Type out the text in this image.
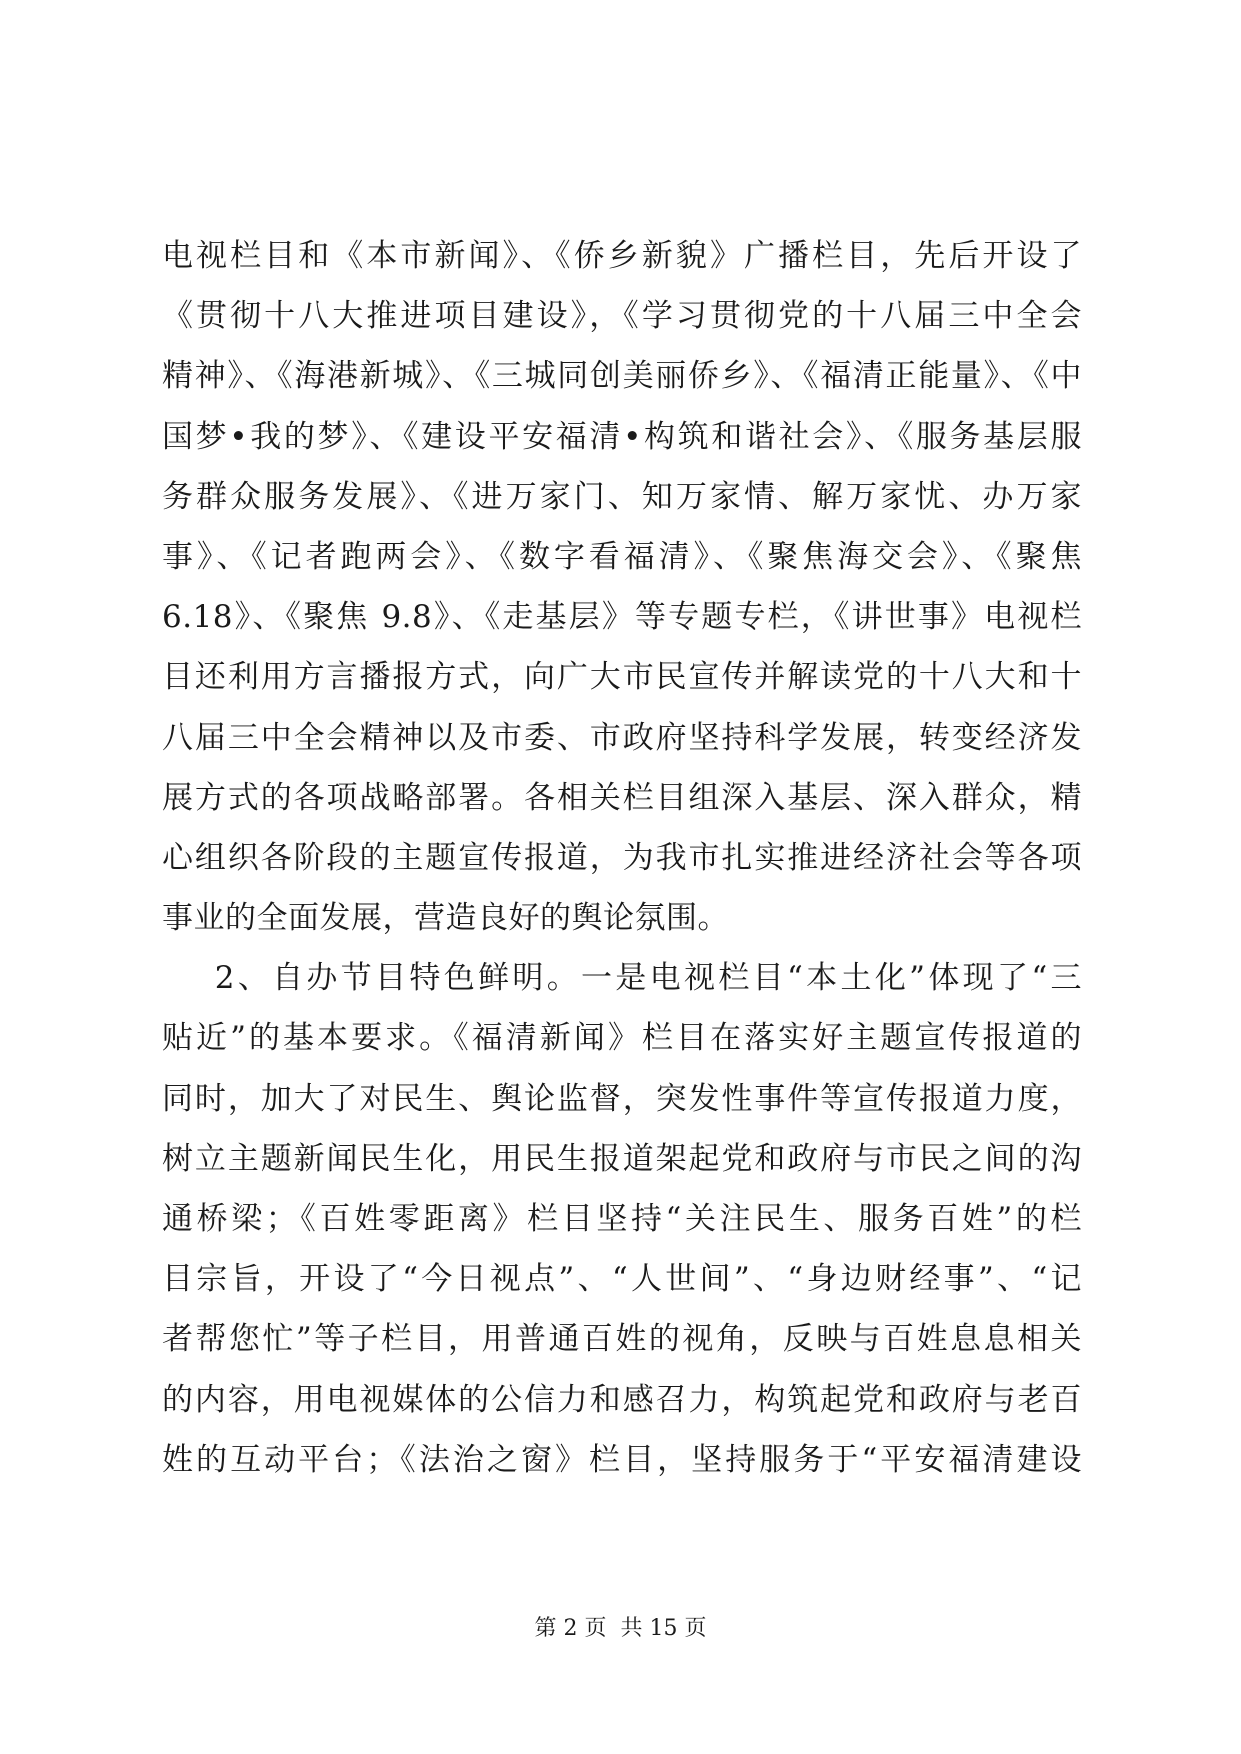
电视栏目和《本市新闻》、《侨乡新貌》广播栏目，先后开设了
《贯彻十八大推进项目建设》，《学习贯彻党的十八届三中全会
精神》、《海港新城》、《三城同创美丽侨乡》、《福清正能量》、《中
国梦•我的梦》、《建设平安福清•构筑和谐社会》、《服务基层服
务群众服务发展》、《进万家门、知万家情、解万家忧、办万家
事》、《记者跑两会》、《数字看福清》、《聚焦海交会》、《聚焦
6.18》、《聚焦 9.8》、《走基层》等专题专栏，《讲世事》电视栏
目还利用方言播报方式，向广大市民宣传并解读党的十八大和十
八届三中全会精神以及市委、市政府坚持科学发展，转变经济发
展方式的各项战略部署。各相关栏目组深入基层、深入群众，精
心组织各阶段的主题宣传报道，为我市扎实推进经济社会等各项
事业的全面发展，营造良好的舆论氛围。
2、自办节目特色鲜明。一是电视栏目“本土化”体现了“三
贴近”的基本要求。《福清新闻》栏目在落实好主题宣传报道的
同时，加大了对民生、舆论监督，突发性事件等宣传报道力度，
树立主题新闻民生化，用民生报道架起党和政府与市民之间的沟
通桥梁；《百姓零距离》栏目坚持“关注民生、服务百姓”的栏
目宗旨，开设了“今日视点”、“人世间”、“身边财经事”、“记
者帮您忙”等子栏目，用普通百姓的视角，反映与百姓息息相关
的内容，用电视媒体的公信力和感召力，构筑起党和政府与老百
姓的互动平台；《法治之窗》栏目，坚持服务于“平安福清建设
第 2 页  共 15 页
